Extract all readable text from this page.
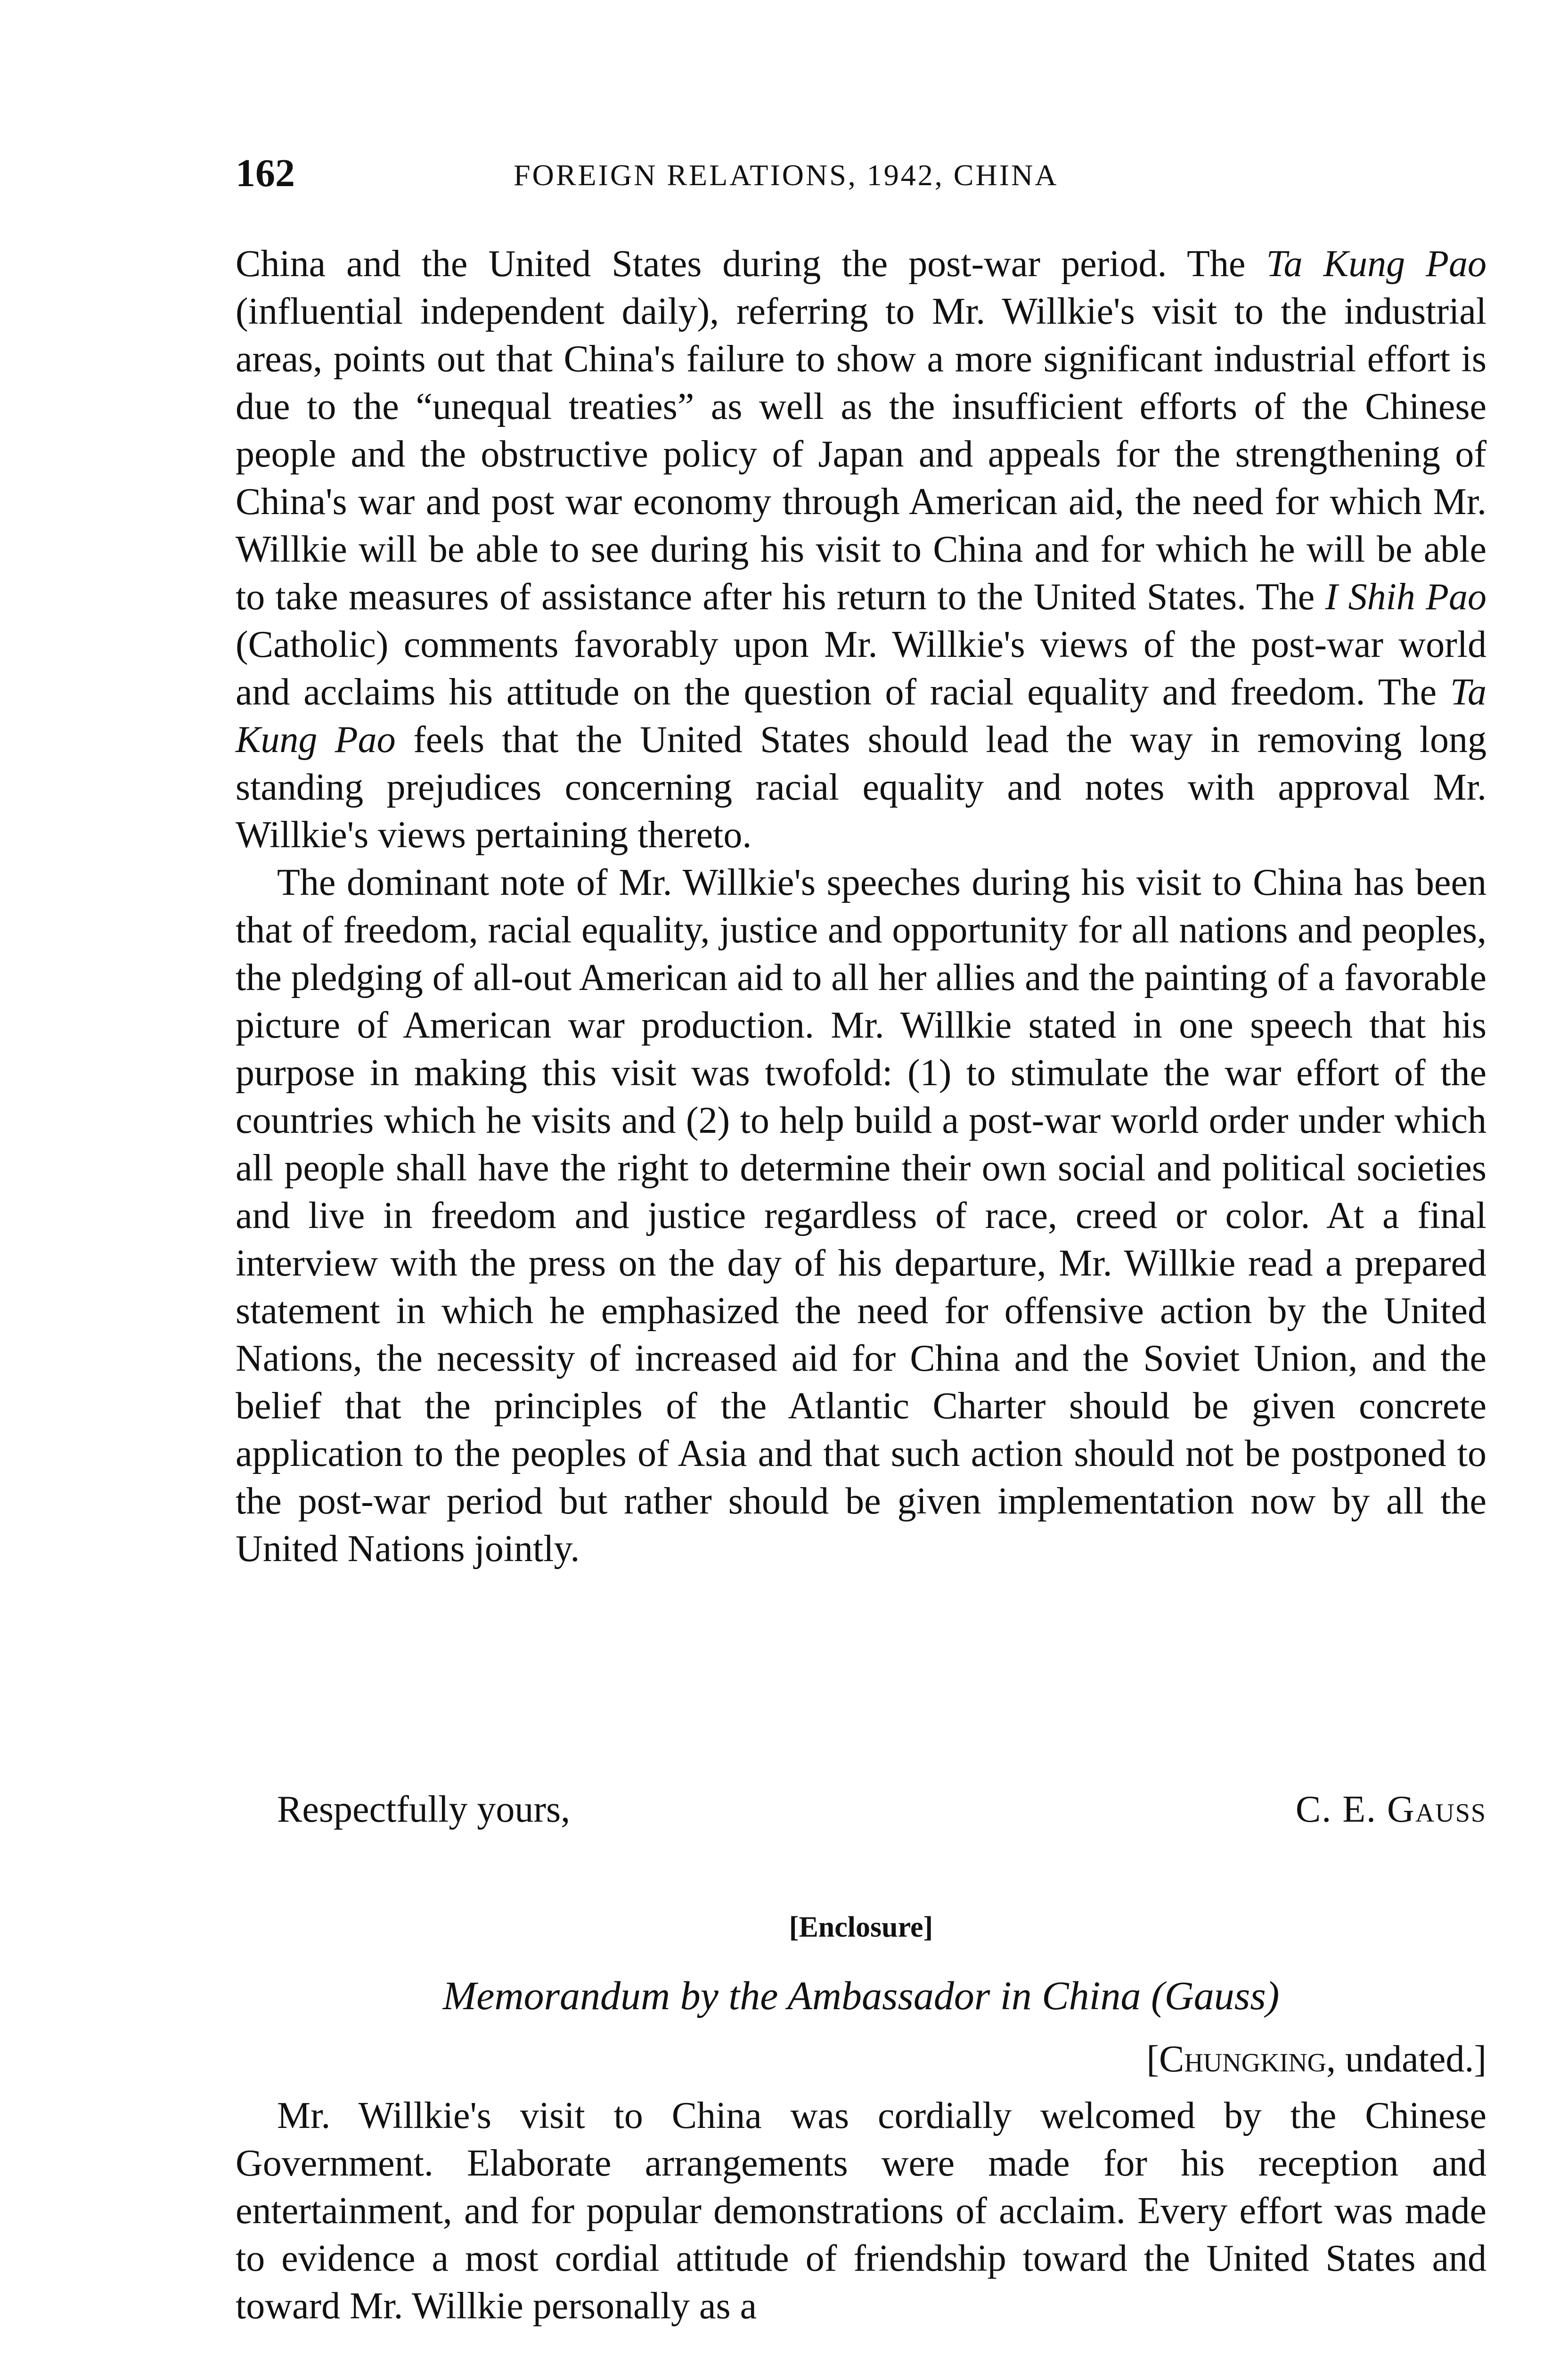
162	FOREIGN RELATIONS, 1942, CHINA
China and the United States during the post-war period. The Ta Kung Pao (influential independent daily), referring to Mr. Willkie's visit to the industrial areas, points out that China's failure to show a more significant industrial effort is due to the “unequal treaties” as well as the insufficient efforts of the Chinese people and the obstructive policy of Japan and appeals for the strengthening of China's war and post war economy through American aid, the need for which Mr. Willkie will be able to see during his visit to China and for which he will be able to take measures of assistance after his return to the United States. The I Shih Pao (Catholic) comments favorably upon Mr. Willkie's views of the post-war world and acclaims his attitude on the question of racial equality and freedom. The Ta Kung Pao feels that the United States should lead the way in removing long standing prejudices concerning racial equality and notes with approval Mr. Willkie's views pertaining thereto.
The dominant note of Mr. Willkie's speeches during his visit to China has been that of freedom, racial equality, justice and opportunity for all nations and peoples, the pledging of all-out American aid to all her allies and the painting of a favorable picture of American war production. Mr. Willkie stated in one speech that his purpose in making this visit was twofold: (1) to stimulate the war effort of the countries which he visits and (2) to help build a post-war world order under which all people shall have the right to determine their own social and political societies and live in freedom and justice regardless of race, creed or color. At a final interview with the press on the day of his departure, Mr. Willkie read a prepared statement in which he emphasized the need for offensive action by the United Nations, the necessity of increased aid for China and the Soviet Union, and the belief that the principles of the Atlantic Charter should be given concrete application to the peoples of Asia and that such action should not be postponed to the post-war period but rather should be given implementation now by all the United Nations jointly.
Respectfully yours,	C. E. Gauss
[Enclosure]
Memorandum by the Ambassador in China (Gauss)
[Chungking, undated.]
Mr. Willkie's visit to China was cordially welcomed by the Chinese Government. Elaborate arrangements were made for his reception and entertainment, and for popular demonstrations of acclaim. Every effort was made to evidence a most cordial attitude of friendship toward the United States and toward Mr. Willkie personally as a
